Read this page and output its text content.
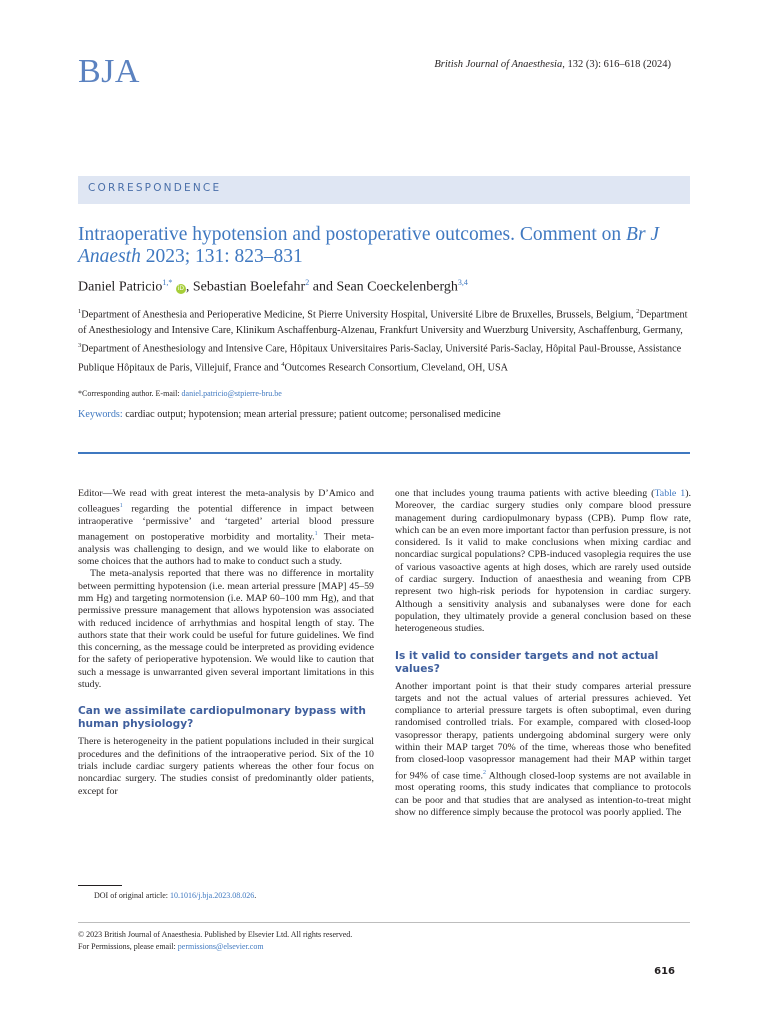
BJA	British Journal of Anaesthesia, 132 (3): 616–618 (2024)
CORRESPONDENCE
Intraoperative hypotension and postoperative outcomes. Comment on Br J Anaesth 2023; 131: 823–831
Daniel Patricio$^{1,*}$ iD , Sebastian Boelefahr$^2$ and Sean Coeckelenbergh$^{3,4}$
$^1$Department of Anesthesia and Perioperative Medicine, St Pierre University Hospital, Université Libre de Bruxelles, Brussels, Belgium, $^2$Department of Anesthesiology and Intensive Care, Klinikum Aschaffenburg-Alzenau, Frankfurt University and Wuerzburg University, Aschaffenburg, Germany, $^3$Department of Anesthesiology and Intensive Care, Hôpitaux Universitaires Paris-Saclay, Université Paris-Saclay, Hôpital Paul-Brousse, Assistance Publique Hôpitaux de Paris, Villejuif, France and $^4$Outcomes Research Consortium, Cleveland, OH, USA
*Corresponding author. E-mail: daniel.patricio@stpierre-bru.be
Keywords: cardiac output; hypotension; mean arterial pressure; patient outcome; personalised medicine

Editor—We read with great interest the meta-analysis by D’Amico and colleagues$^1$ regarding the potential difference in impact between intraoperative ‘permissive’ and ‘targeted’ arterial blood pressure management on postoperative morbidity and mortality.$^1$ Their meta-analysis was challenging to design, and we would like to elaborate on some choices that the authors had to make to conduct such a study.

The meta-analysis reported that there was no difference in mortality between permitting hypotension (i.e. mean arterial pressure [MAP] 45–59 mm Hg) and targeting normotension (i.e. MAP 60–100 mm Hg), and that permissive pressure management that allows hypotension was associated with reduced incidence of arrhythmias and hospital length of stay. The authors state that their work could be useful for future guidelines. We find this concerning, as the message could be interpreted as providing evidence for the safety of perioperative hypotension. We would like to caution that such a message is unwarranted given several important limitations in this study.

Can we assimilate cardiopulmonary bypass with human physiology?

There is heterogeneity in the patient populations included in their surgical procedures and the definitions of the intraoperative period. Six of the 10 trials include cardiac surgery patients whereas the other four focus on noncardiac surgery. The studies consist of predominantly older patients, except for

one that includes young trauma patients with active bleeding (Table 1). Moreover, the cardiac surgery studies only compare blood pressure management during cardiopulmonary bypass (CPB). Pump flow rate, which can be an even more important factor than perfusion pressure, is not considered. Is it valid to make conclusions when mixing cardiac and noncardiac surgical populations? CPB-induced vasoplegia requires the use of various vasoactive agents at high doses, which are rarely used outside of cardiac surgery. Induction of anaesthesia and weaning from CPB represent two high-risk periods for hypotension in cardiac surgery. Although a sensitivity analysis and subanalyses were done for each population, they ultimately provide a general conclusion based on these heterogeneous studies.

Is it valid to consider targets and not actual values?

Another important point is that their study compares arterial pressure targets and not the actual values of arterial pressures achieved. Yet compliance to arterial pressure targets is often suboptimal, even during randomised controlled trials. For example, compared with closed-loop vasopressor therapy, patients undergoing abdominal surgery were only within their MAP target 70% of the time, whereas those who benefited from closed-loop vasopressor management had their MAP within target for 94% of case time.$^2$ Although closed-loop systems are not available in most operating rooms, this study indicates that compliance to protocols can be poor and that studies that are analysed as intention-to-treat might show no difference simply because the protocol was poorly applied. The

DOI of original article: 10.1016/j.bja.2023.08.026.
© 2023 British Journal of Anaesthesia. Published by Elsevier Ltd. All rights reserved.
For Permissions, please email: permissions@elsevier.com
616
